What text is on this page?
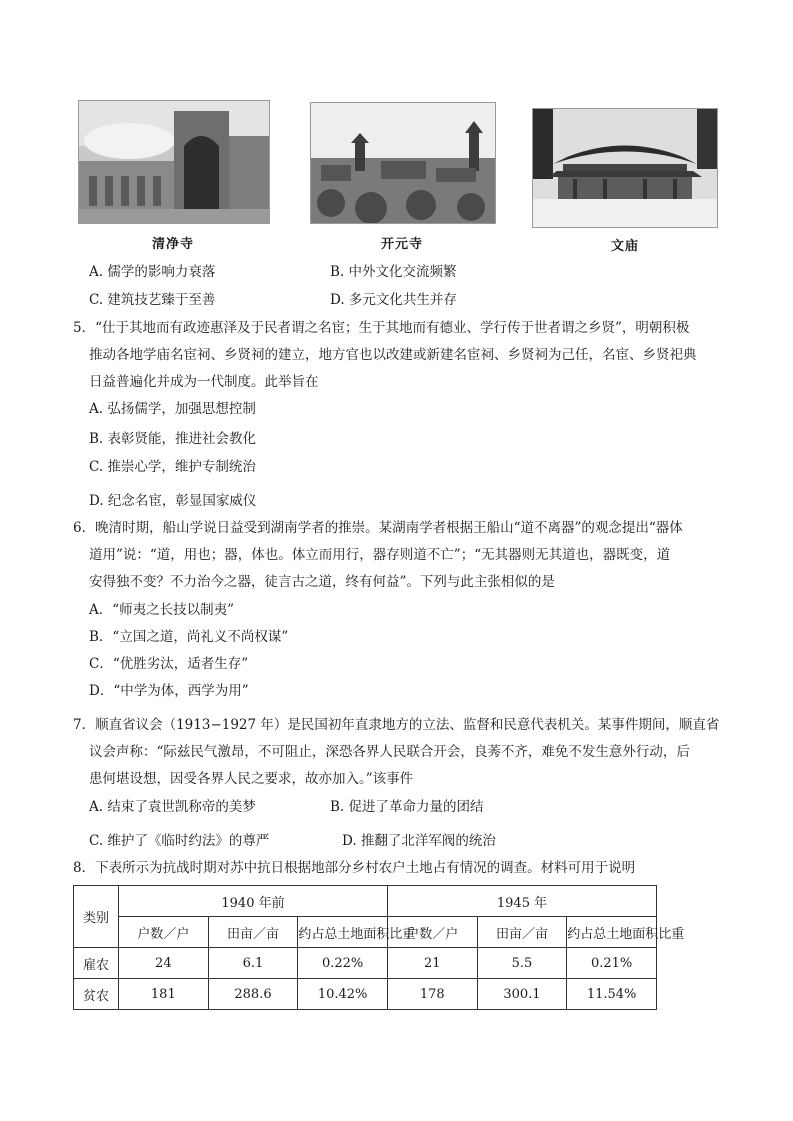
清净寺	开元寺	文庙
A. 儒学的影响力衰落	B. 中外文化交流频繁
C. 建筑技艺臻于至善	D. 多元文化共生并存
5．“仕于其地而有政迹惠泽及于民者谓之名宦；生于其地而有德业、学行传于世者谓之乡贤”，明朝积极
推动各地学庙名宦祠、乡贤祠的建立，地方官也以改建或新建名宦祠、乡贤祠为己任，名宦、乡贤祀典
日益普遍化并成为一代制度。此举旨在
A. 弘扬儒学，加强思想控制
B. 表彰贤能，推进社会教化
C. 推崇心学，维护专制统治
D. 纪念名宦，彰显国家威仪
6．晚清时期，船山学说日益受到湖南学者的推崇。某湖南学者根据王船山“道不离器”的观念提出“器体
道用”说：“道，用也；器，体也。体立而用行，器存则道不亡”；“无其器则无其道也，器既变，道
安得独不变？不力治今之器，徒言古之道，终有何益”。下列与此主张相似的是
A．“师夷之长技以制夷”
B．“立国之道，尚礼义不尚权谋”
C．“优胜劣汰，适者生存”
D．“中学为体，西学为用”
7．顺直省议会（1913−1927 年）是民国初年直隶地方的立法、监督和民意代表机关。某事件期间，顺直省
议会声称：“际兹民气激昂，不可阻止，深恐各界人民联合开会，良莠不齐，难免不发生意外行动，后
患何堪设想，因受各界人民之要求，故亦加入。”该事件
A. 结束了袁世凯称帝的美梦	B. 促进了革命力量的团结
C. 维护了《临时约法》的尊严	D. 推翻了北洋军阀的统治
8．下表所示为抗战时期对苏中抗日根据地部分乡村农户土地占有情况的调查。材料可用于说明
类别	1940 年前			1945 年		
	户数／户	田亩／亩	约占总土地面积比重	户数／户	田亩／亩	约占总土地面积比重
雇农	24	6.1	0.22%	21	5.5	0.21%
贫农	181	288.6	10.42%	178	300.1	11.54%
